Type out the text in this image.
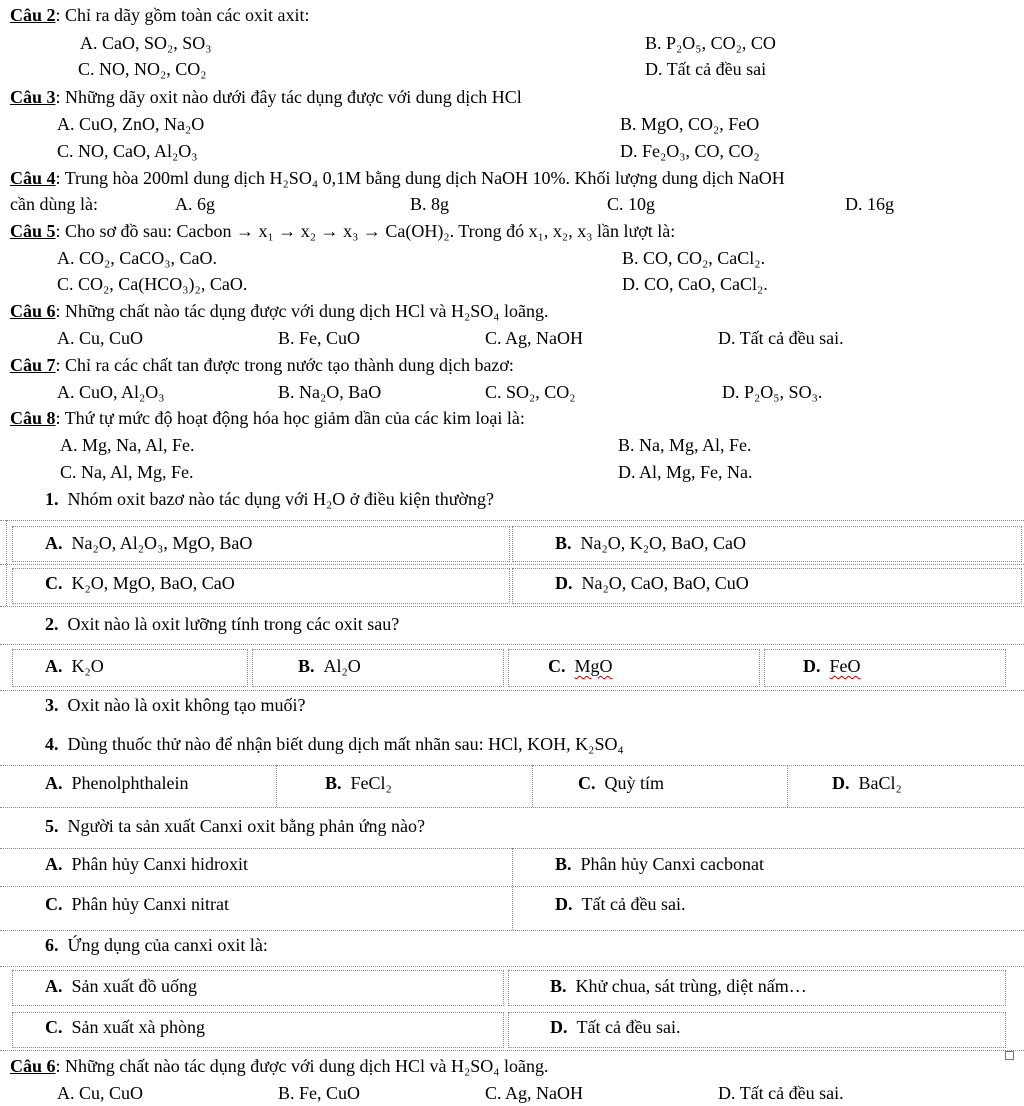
Câu 2: Chỉ ra dãy gồm toàn các oxit axit:
A. CaO, SO₂, SO₃	B. P₂O₅, CO₂, CO
C. NO, NO₂, CO₂	D. Tất cả đều sai
Câu 3: Những dãy oxit nào dưới đây tác dụng được với dung dịch HCl
A. CuO, ZnO, Na₂O	B. MgO, CO₂, FeO
C. NO, CaO, Al₂O₃	D. Fe₂O₃, CO, CO₂
Câu 4: Trung hòa 200ml dung dịch H₂SO₄ 0,1M bằng dung dịch NaOH 10%. Khối lượng dung dịch NaOH
cần dùng là:	A. 6g	B. 8g	C. 10g	D. 16g
Câu 5: Cho sơ đồ sau: Cacbon → x₁ → x₂ → x₃ → Ca(OH)₂. Trong đó x₁, x₂, x₃ lần lượt là:
A. CO₂, CaCO₃, CaO.	B. CO, CO₂, CaCl₂.
C. CO₂, Ca(HCO₃)₂, CaO.	D. CO, CaO, CaCl₂.
Câu 6: Những chất nào tác dụng được với dung dịch HCl và H₂SO₄ loãng.
A. Cu, CuO	B. Fe, CuO	C. Ag, NaOH	D. Tất cả đều sai.
Câu 7: Chỉ ra các chất tan được trong nước tạo thành dung dịch bazơ:
A. CuO, Al₂O₃	B. Na₂O, BaO	C. SO₂, CO₂	D. P₂O₅, SO₃.
Câu 8: Thứ tự mức độ hoạt động hóa học giảm dần của các kim loại là:
A. Mg, Na, Al, Fe.	B. Na, Mg, Al, Fe.
C. Na, Al, Mg, Fe.	D. Al, Mg, Fe, Na.
1. Nhóm oxit bazơ nào tác dụng với H₂O ở điều kiện thường?
A. Na₂O, Al₂O₃, MgO, BaO	B. Na₂O, K₂O, BaO, CaO
C. K₂O, MgO, BaO, CaO	D. Na₂O, CaO, BaO, CuO
2. Oxit nào là oxit lưỡng tính trong các oxit sau?
A. K₂O	B. Al₂O	C. MgO	D. FeO
3. Oxit nào là oxit không tạo muối?
4. Dùng thuốc thử nào để nhận biết dung dịch mất nhãn sau: HCl, KOH, K₂SO₄
A. Phenolphthalein	B. FeCl₂	C. Quỳ tím	D. BaCl₂
5. Người ta sản xuất Canxi oxit bằng phản ứng nào?
A. Phân hủy Canxi hidroxit	B. Phân hủy Canxi cacbonat
C. Phân hủy Canxi nitrat	D. Tất cả đều sai.
6. Ứng dụng của canxi oxit là:
A. Sản xuất đồ uống	B. Khử chua, sát trùng, diệt nấm…
C. Sản xuất xà phòng	D. Tất cả đều sai.
Câu 6: Những chất nào tác dụng được với dung dịch HCl và H₂SO₄ loãng.
A. Cu, CuO	B. Fe, CuO	C. Ag, NaOH	D. Tất cả đều sai.
